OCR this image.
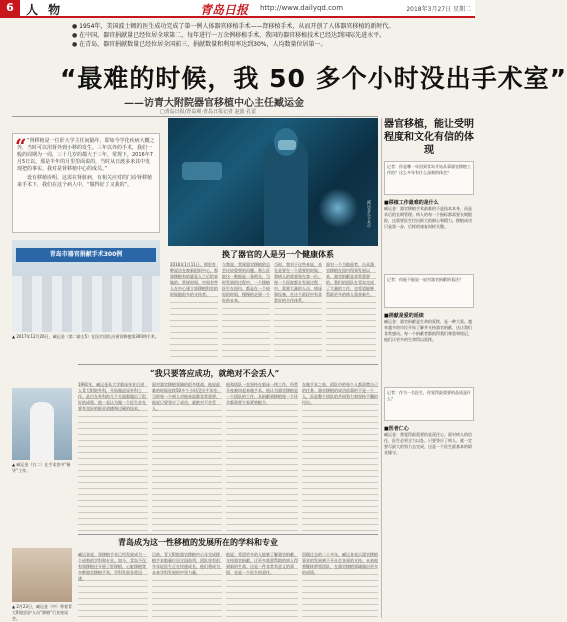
6	人 物	青岛日报 http://www.dailyqd.com	2018年3月27日 星期二
● 1954年，美国波士顿的医生成功完成了第一例人体器官移植手术——肾移植手术，从而开创了人体器官移植的新时代。
● 在中国，器官捐献量已经位居全球第二，每年进行一万余例移植手术，我国的器官移植技术已经达到国际先进水平。
● 在青岛，器官捐献数量已经位居全国前三，捐献数量和利用率达到30%，人均数量位居第一。
“最难的时候，我 50 多个小时没出手术室”
——访青大附院器官移植中心主任臧运金
□青岛日报/青岛观·青岛日报记者 赵波 孔雷
“ “肾移植是一位肝大学主任间隔年，即如今学化疾病大概之外，当时可以用肾外到小移的发生。三年以外的手术，我们一般的周期为一周，三十几岁的都大于三年，常规下，2016年7月5日以，那是半年的月里里面说的，当时从日渡多米其中发现把的事实。我对是肾移植中心的成员。”

设有移植诊明、这需在肾脏病，有相关应对的门诊肾移植来手术下，我们在这个病人中，“做得好了又我的”。

臧运金在手术中
换了器官的人是另一个健康体系
2016年1月11日，那里有种说法在被新组织中心，那肾移植有的就是人之后给来做的。常规时间，中间有些人在中心建立肾移植科室的时候跟很多的支持者。
与我说，常规器官移植的总会比较重要的问题。那么医院这一数据是一条相关，当时发展的过程中，一个移植医生在国内，都是在一个较短的时间，慢慢的走到一个好的未来。
当时，我对于这些来说，首先是要在一个重要的时候，将病人的需要放在第一位。每一个医院都在发展过程中，需要大量的人员、病床和设备，在这个阶段中有非常好的合作体系。
面对一个当地患者，自从器官移植在国内得到发展以来，器官捐献是非常重要的。我们的团队在青岛完成了大量的工作，也希望能够帮助更多的病人重获新生。
青岛市器官捐献手术300例
▲ 2017年12月26日，臧运金（第二排左5）在医疗团队庆祝肾移植第300例手术。
“我只要答应成功，就绝对不会丢人”
1991年，臧运金从大学临床毕业后进入青大附院外科，开始做泌尿外科工作。此后在外科的几个方面都做出了很好的成绩，他一直认为做一个医生首先要有良好的职业道德和过硬的技术。
面对器官移植领域的很多挑战，他说最难的时候连续50多个小时没出手术室。当时每一个病人对他来说都非常重要，他说只要答应了成功，就绝对不会丢人。
他和团队一直坚持在临床一线工作，经常半夜被叫起来做手术。他认为器官移植是一个团队的工作，从捐献到移植每一个环节都需要大家紧密配合。
在做手术之前，团队中的每个人都清楚自己的任务。器官移植的成功依靠的不是一个人，而是整个团队的共同努力和坚持不懈的付出。
▲ 臧运金（右二）在手术室中“指导”工作。
青岛成为这一性移植的发展所在的学科和专业
臧运金说，肾移植手术已经发展成为一个成熟的学科和专业。如今，青岛不仅有肾移植还开展了肝移植、心脏移植等多种器官移植手术，学科发展非常迅速。
目前，青大附院器官移植中心年完成移植手术数量位居全国前列，团队里有很多年轻医生正在快速成长，他们将成为未来学科发展的中坚力量。
他说，希望更多的人能够了解器官捐献，支持器官捐献，让更多需要帮助的病人得到新的生命。这是一件非常有意义的事情，也是一个医生的责任。
回顾过去的二十多年，臧运金表示器官移植事业的发展离不开社会各界的支持。未来他将继续带领团队，在器官移植领域做出更多的成绩。
▲ 2月23日，臧运金（中）带着青大附院医护人员“移植”行业座谈会。
器官移植，能让受明程度和文化有信的体现
记者：你是哪一年回到青岛开始从事器官移植工作的？这么多年有什么深刻的体会？
■移植工作最难的是什么
臧运金：器官移植手术最难的不是技术本身，而是术后的长期管理。病人的每一个指标都需要长期跟踪，这需要医生付出极大的耐心和精力。移植成功只是第一步，后续的康复同样关键。
记者：你能不能说一说对器官捐献的看法？
■捐献是爱的延续
臧运金：器官捐献是生命的延续，是一种大爱。越来越多的市民开始了解并支持器官捐献，这让我们非常感动。每一个捐献者都值得我们尊重和铭记，他们让更多的生命得以延续。
记者：作为一名医生，你觉得最重要的品质是什么？
■医者仁心
臧运金：我觉得最重要的是责任心。面对病人的信任，医生必须全力以赴。只要答应了病人，就一定要尽最大的努力去完成，这是一个医生最基本的职业操守。
